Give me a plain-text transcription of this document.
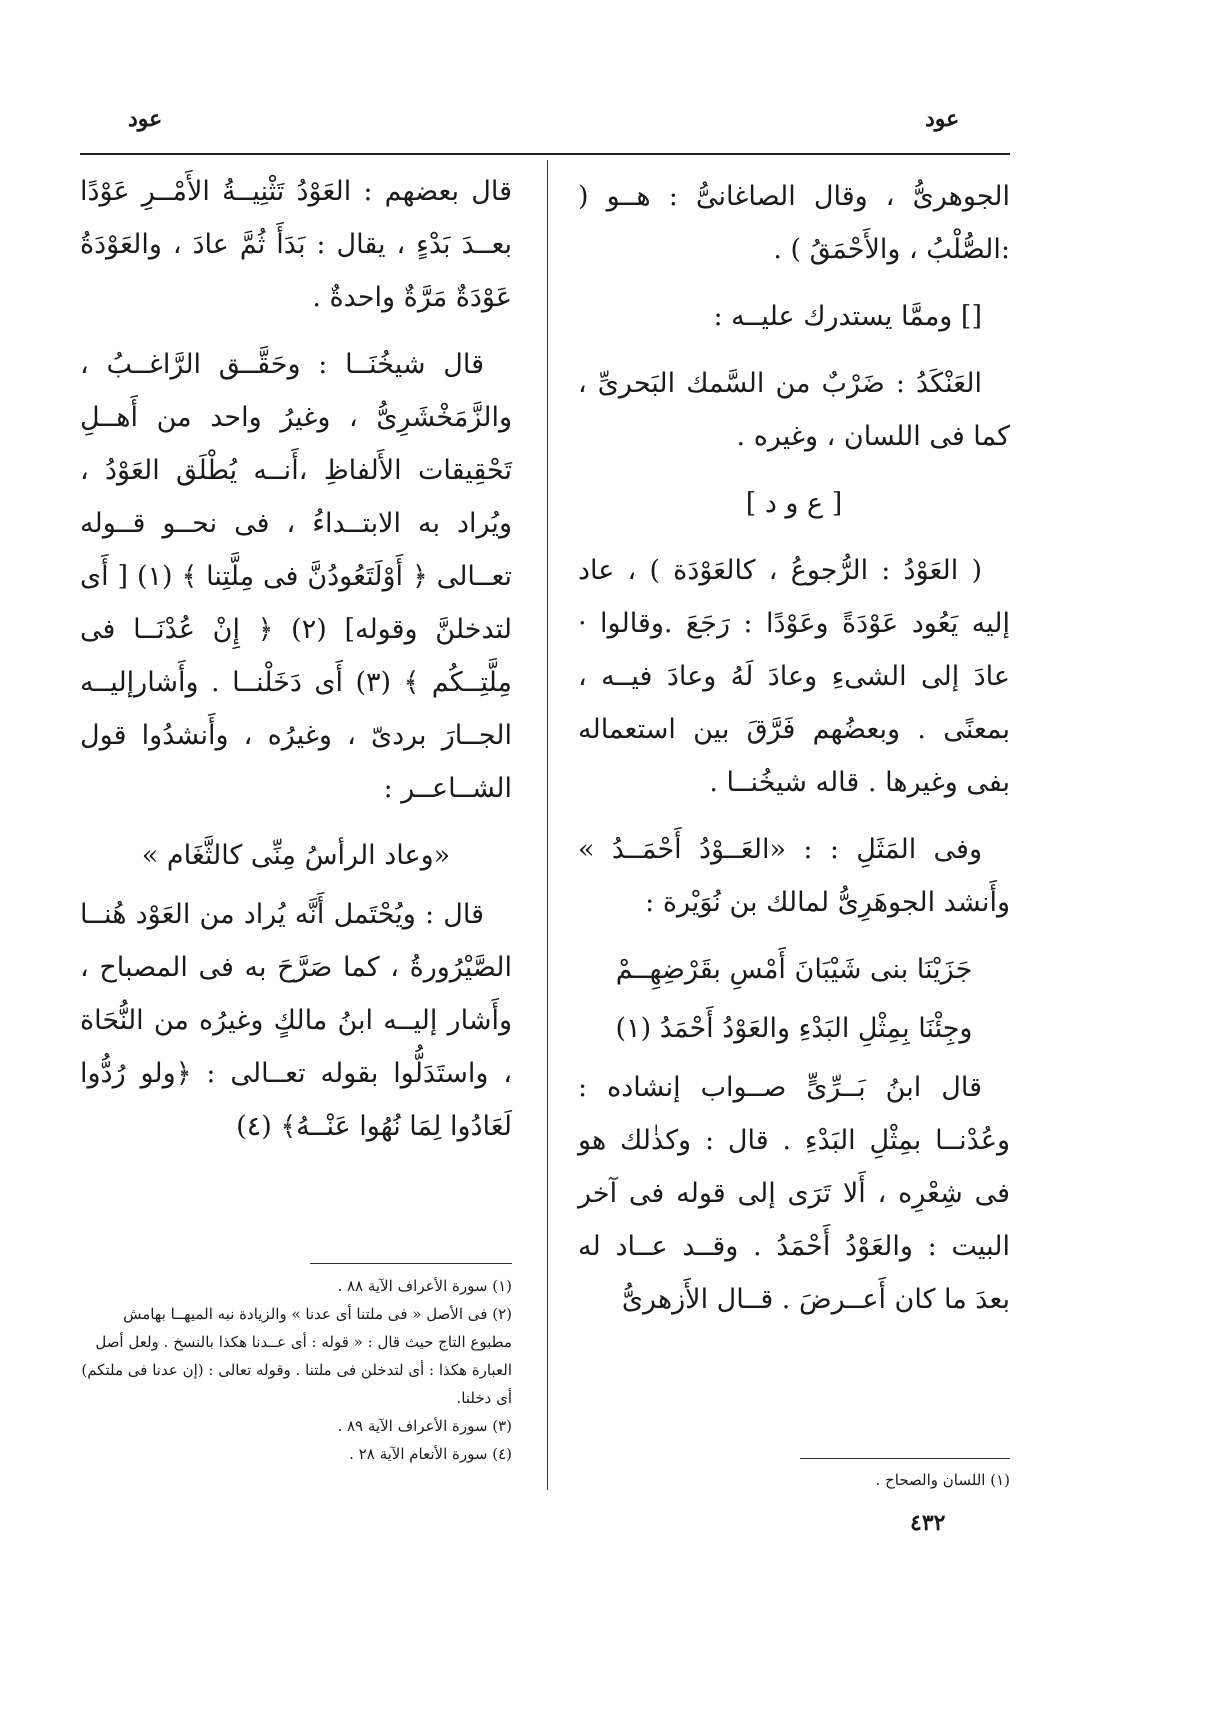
عود
عود

الجوهرىُّ ، وقال الصاغانىُّ : هــو ( :الصُّلْبُ ، والأَحْمَقُ ) .

[] وممَّا يستدرك عليــه :

العَنْكَدُ : ضَرْبٌ من السَّمك البَحرىِّ ، كما فى اللسان ، وغيره .

[ ع و د ]

( العَوْدُ : الرُّجوعُ ، كالعَوْدَة ) ، عاد إليه يَعُود عَوْدَةً وعَوْدًا : رَجَعَ .وقالوا · عادَ إلى الشىءِ وعادَ لَهُ وعادَ فيــه ، بمعنًى . وبعضُهم فَرَّقَ بين استعماله بفى وغيرها . قاله شيخُنــا .

وفى المَثَلِ : : «العَــوْدُ أَحْمَــدُ » وأَنشد الجوهَرِىُّ لمالك بن نُوَيْرة :

جَزَيْنَا بنى شَيْبَانَ أَمْسِ بقَرْضِهِــمْ

وجِئْنَا بِمِثْلِ البَدْءِ والعَوْدُ أَحْمَدُ (١)

قال ابنُ بَــرِّىٍّ صــواب إنشاده : وعُدْنــا بمِثْلِ البَدْءِ . قال : وكذٰلك هو فى شِعْرِه ، أَلا تَرَى إلى قوله فى آخر البيت : والعَوْدُ أَحْمَدُ . وقــد عــاد له بعدَ ما كان أَعــرضَ . قــال الأَزهرىُّ

قال بعضهم : العَوْدُ تَثْنِيــةُ الأَمْــرِ عَوْدًا بعــدَ بَدْءٍ ، يقال : بَدَأَ ثُمَّ عادَ ، والعَوْدَةُ عَوْدَةٌ مَرَّةٌ واحدةٌ .

قال شيخُنَــا : وحَقَّــق الرَّاغــبُ ، والزَّمَخْشَرِىُّ ، وغيرُ واحد من أَهــلِ تَحْقِيقات الأَلفاظِ ،أَنــه يُطْلَق العَوْدُ ، ويُراد به الابتــداءُ ، فى نحــو قــوله تعــالى ﴿ أَوْلَتَعُودُنَّ فى مِلَّتِنا ﴾ (١) [ أَى لتدخلنَّ وقوله] (٢) ﴿ إِنْ عُدْنَــا فى مِلَّتِــكُم ﴾ (٣) أَى دَخَلْنــا . وأَشارإليــه الجــارَ بردىّ ، وغيرُه ، وأَنشدُوا قول الشــاعــر :

«وعاد الرأسُ مِنِّى كالثَّغَام »

قال : ويُحْتَمل أَنَّه يُراد من العَوْد هُنــا الصَّيْرُورةُ ، كما صَرَّحَ به فى المصباح ، وأَشار إليــه ابنُ مالكٍ وغيرُه من النُّحَاة ، واستَدَلُّوا بقوله تعــالى : ﴿ولو رُدُّوا لَعَادُوا لِمَا نُهُوا عَنْــهُ﴾ (٤)

(١) سورة الأعراف الآية ٨٨ .
(٢) فى الأصل « فى ملتنا أى عدنا » والزيادة نبه الميهــا بهامش مطبوع التاج حيث قال : « قوله : أى عــدنا هكذا بالنسخ . ولعل أصل العبارة هكذا : أى لتدخلن فى ملتنا . وقوله تعالى : (إن عدنا فى ملتكم) أى دخلنا.
(٣) سورة الأعراف الآية ٨٩ .
(٤) سورة الأنعام الآية ٢٨ .
(١) اللسان والصحاح .
٤٣٢
